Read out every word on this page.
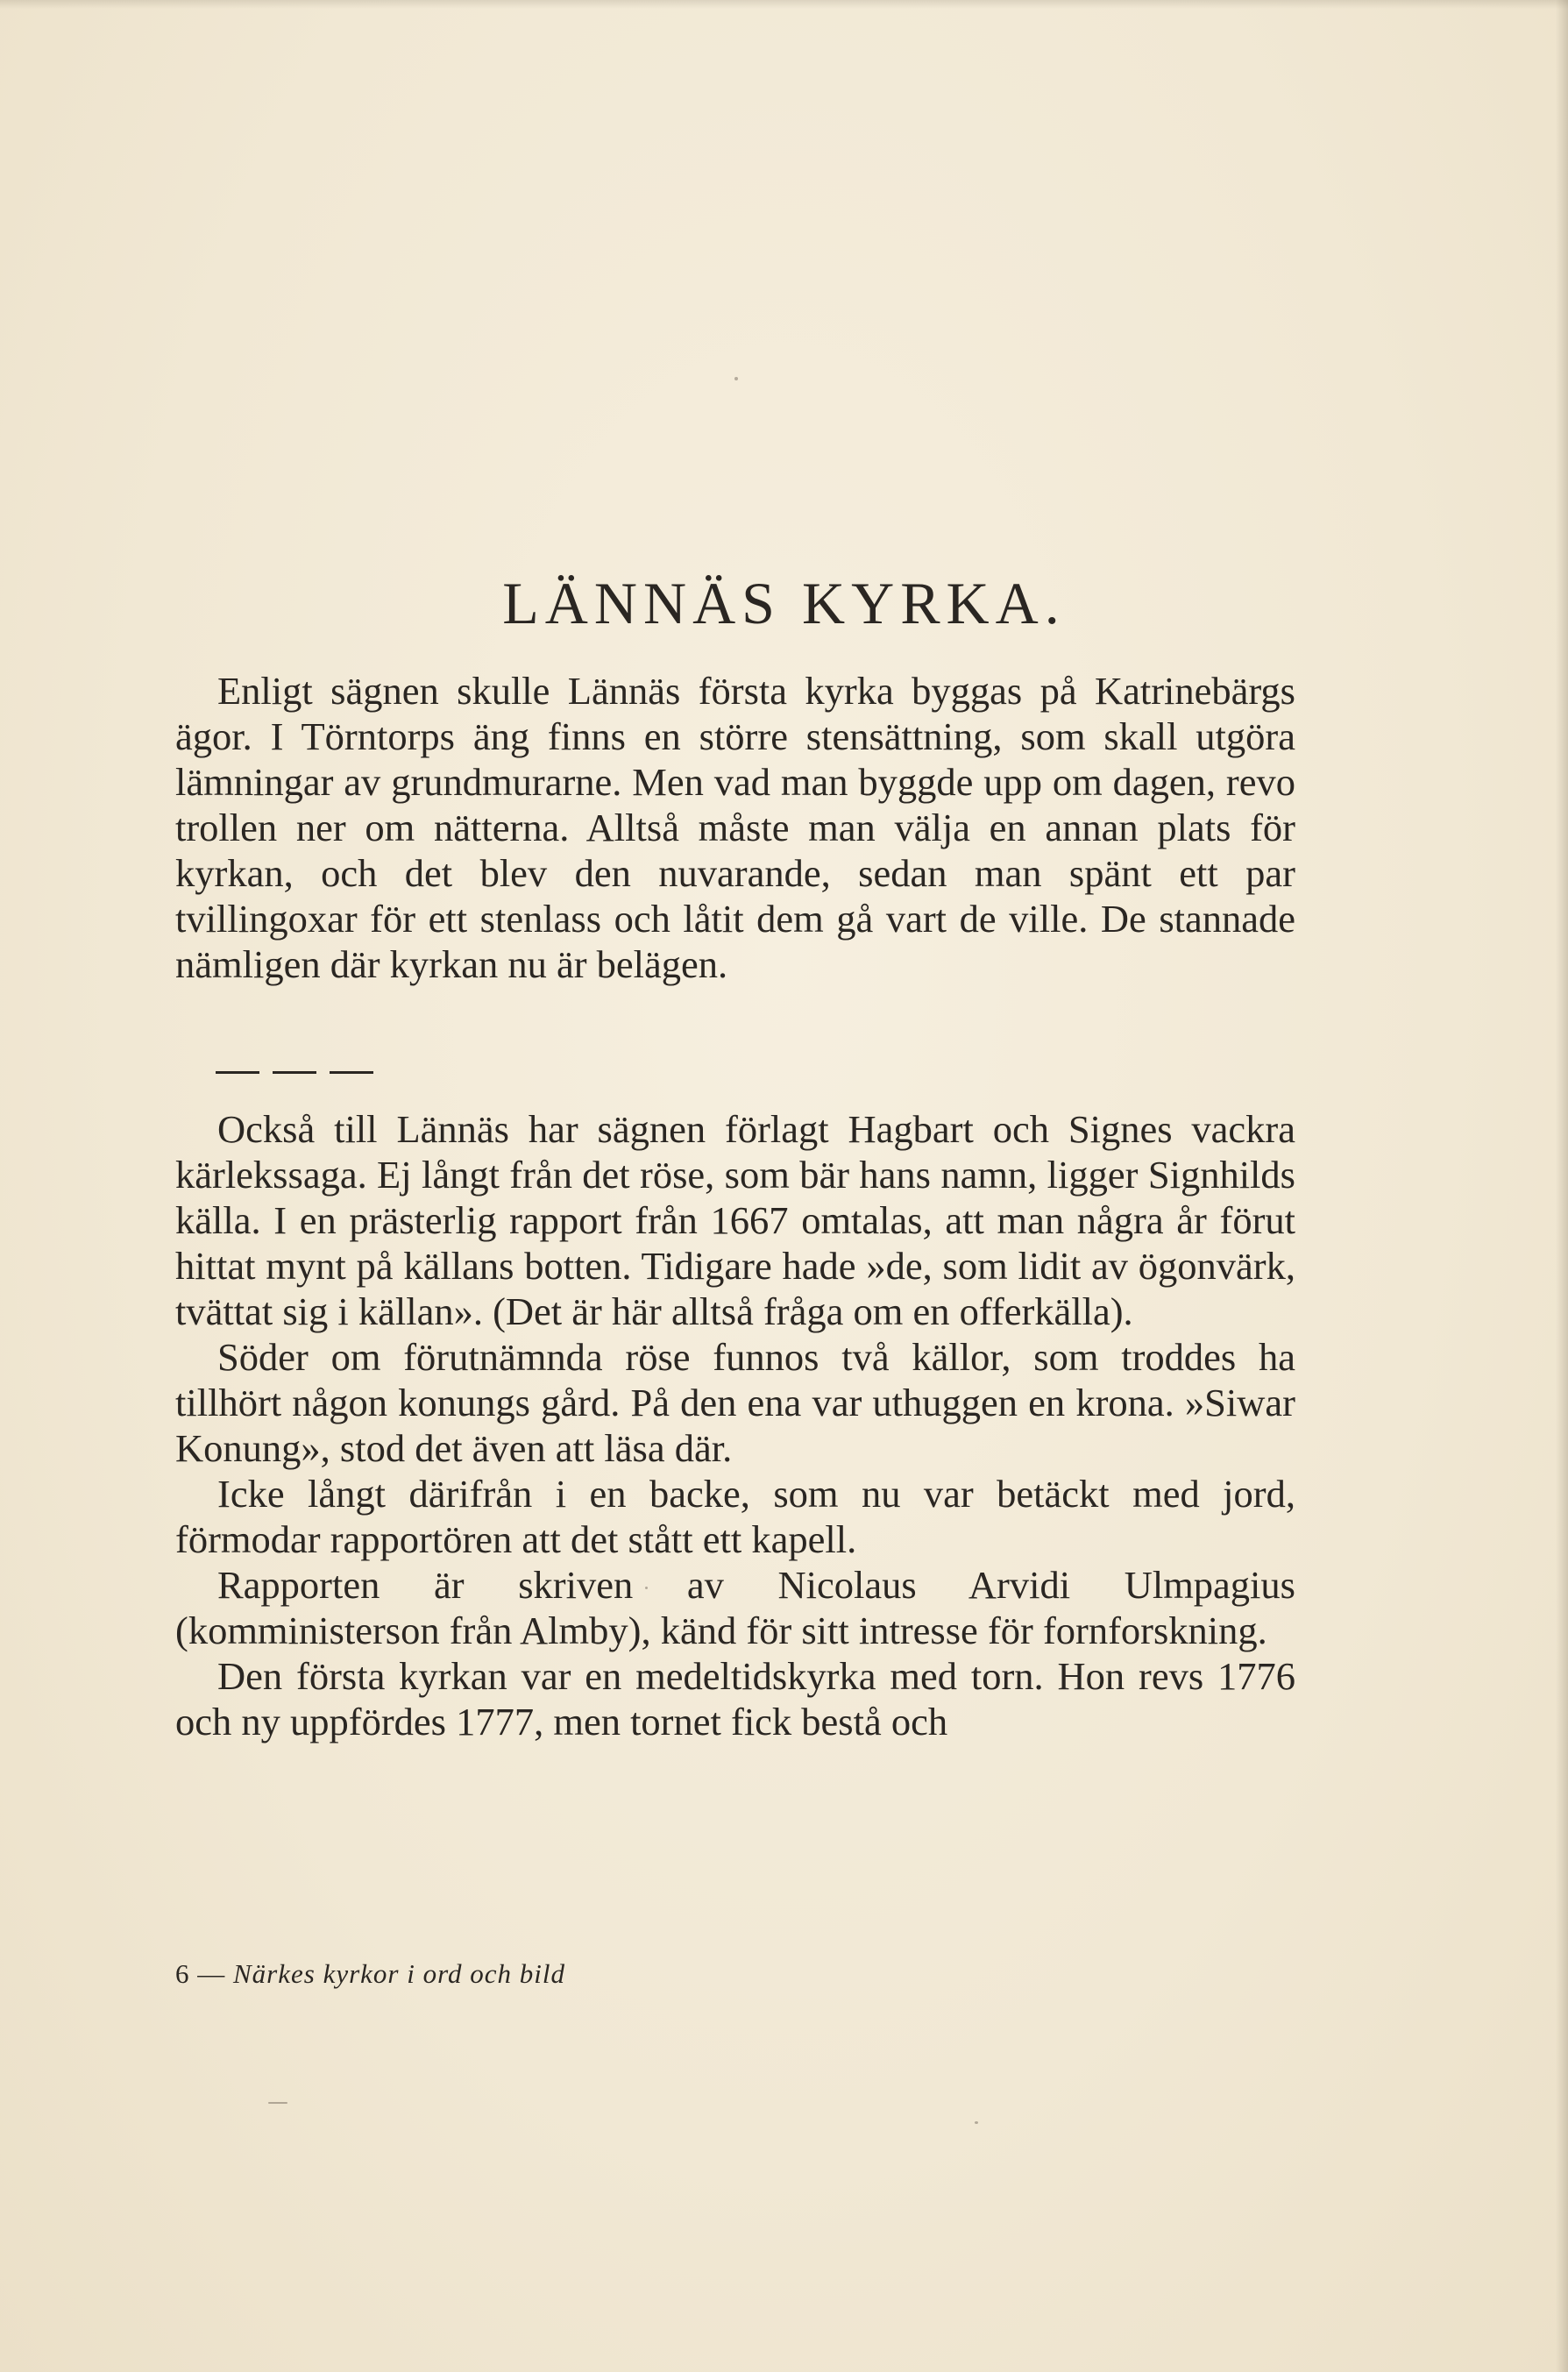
LÄNNÄS KYRKA.

Enligt sägnen skulle Lännäs första kyrka byggas på Katrinebärgs ägor. I Törntorps äng finns en större stensättning, som skall utgöra lämningar av grundmurarne. Men vad man byggde upp om dagen, revo trollen ner om nätterna. Alltså måste man välja en annan plats för kyrkan, och det blev den nuvarande, sedan man spänt ett par tvillingoxar för ett stenlass och låtit dem gå vart de ville. De stannade nämligen där kyrkan nu är belägen.

Också till Lännäs har sägnen förlagt Hagbart och Signes vackra kärlekssaga. Ej långt från det röse, som bär hans namn, ligger Signhilds källa. I en prästerlig rapport från 1667 omtalas, att man några år förut hittat mynt på källans botten. Tidigare hade »de, som lidit av ögonvärk, tvättat sig i källan». (Det är här alltså fråga om en offerkälla).

Söder om förutnämnda röse funnos två källor, som troddes ha tillhört någon konungs gård. På den ena var uthuggen en krona. »Siwar Konung», stod det även att läsa där.

Icke långt därifrån i en backe, som nu var betäckt med jord, förmodar rapportören att det stått ett kapell.

Rapporten är skriven av Nicolaus Arvidi Ulmpagius (komministerson från Almby), känd för sitt intresse för fornforskning.

Den första kyrkan var en medeltidskyrka med torn. Hon revs 1776 och ny uppfördes 1777, men tornet fick bestå och

6 — Närkes kyrkor i ord och bild
